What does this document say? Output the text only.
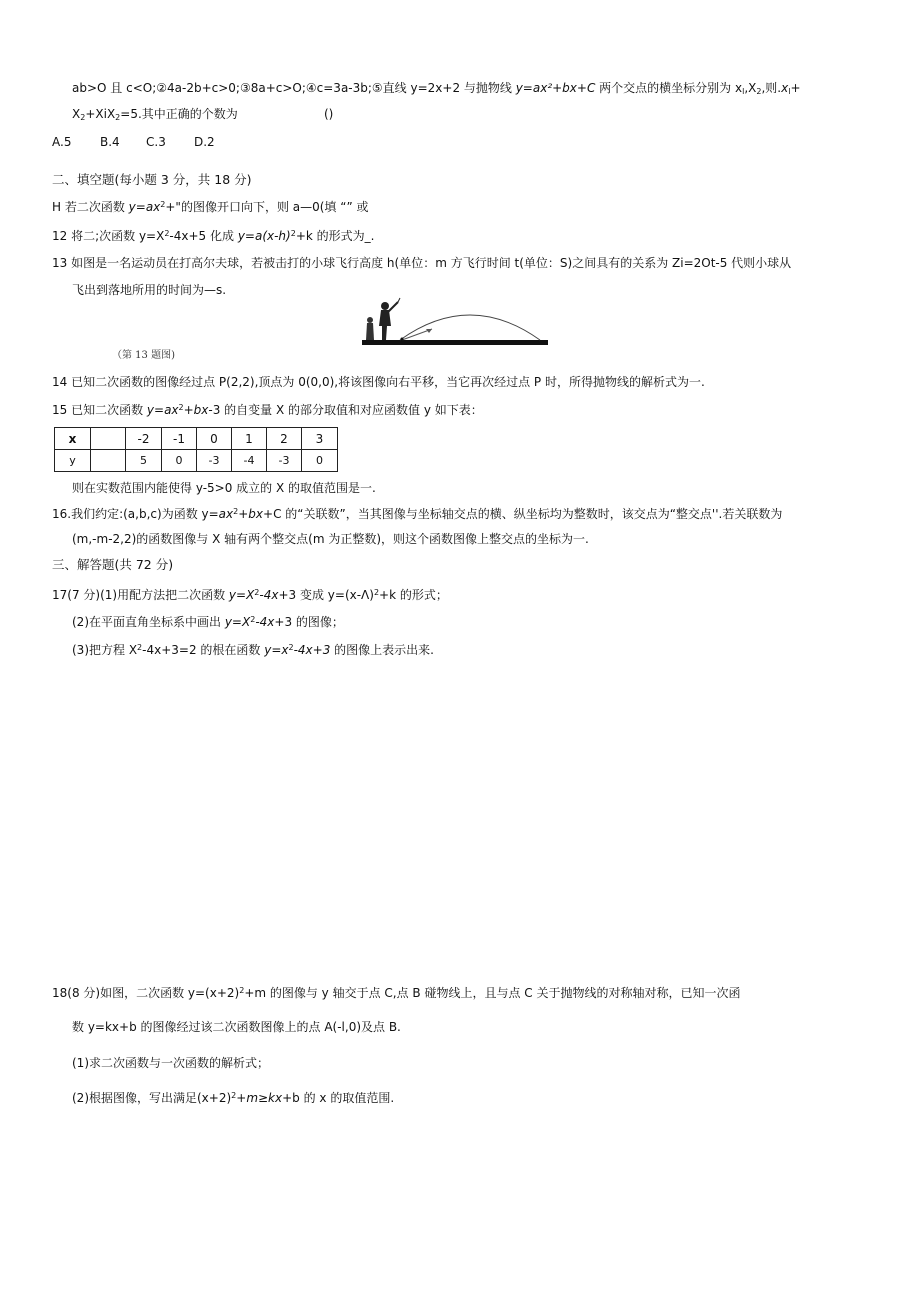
ab>O 且 c<O;②4a-2b+c>0;③8a+c>O;④c=3a-3b;⑤直线 y=2x+2 与抛物线 y=ax²+bx+C 两个交点的横坐标分别为 $x_l,X_2$,则$.x_l+$
$X_2+XiX_2=5$.其中正确的个数为	()
A.5 B.4 C.3 D.2
二、填空题(每小题 3 分，共 18 分)
H 若二次函数 $y=ax^2+$"的图像开口向下，则 a—0(填 “” 或
12 将二;次函数 $y=X^2-4x+5$ 化成 $y=a(x-h)^2+k$ 的形式为_.
13 如图是一名运动员在打高尔夫球，若被击打的小球飞行高度 h(单位：m 方飞行时间 t(单位：S)之间具有的关系为 Zi=2Ot-5 代则小球从
飞出到落地所用的时间为—s.
（第 13 题图)
14 已知二次函数的图像经过点 P(2,2),顶点为 0(0,0),将该图像向右平移，当它再次经过点 P 时，所得抛物线的解析式为一.
15 已知二次函数 $y=ax^2+bx-3$ 的自变量 X 的部分取值和对应函数值 y 如下表：
x		-2	-1	0	1	2	3
y		5	0	-3	-4	-3	0
则在实数范围内能使得 y-5>0 成立的 X 的取值范围是一.
16.我们约定:(a,b,c)为函数 $y=ax^2+bx+C$ 的“关联数”，当其图像与坐标轴交点的横、纵坐标均为整数时，该交点为“整交点''.若关联数为
(m,-m-2,2)的函数图像与 X 轴有两个整交点(m 为正整数)，则这个函数图像上整交点的坐标为一.
三、解答题(共 72 分)
17(7 分)(1)用配方法把二次函数 $y=X^2-4x+3$ 变成 $y=(x-\Lambda)^2+k$ 的形式；
(2)在平面直角坐标系中画出 $y=X^2-4x+3$ 的图像；
(3)把方程 $X^2-4x+3=2$ 的根在函数 $y=x^2-4x+3$ 的图像上表示出来.
18(8 分)如图，二次函数 $y=(x+2)^2+m$ 的图像与 y 轴交于点 C,点 B 碰物线上，且与点 C 关于抛物线的对称轴对称，已知一次函
数 y=kx+b 的图像经过该二次函数图像上的点 A(-l,0)及点 B.
(1)求二次函数与一次函数的解析式；
(2)根据图像，写出满足$(x+2)^2+m\ge kx+b$ 的 x 的取值范围.
